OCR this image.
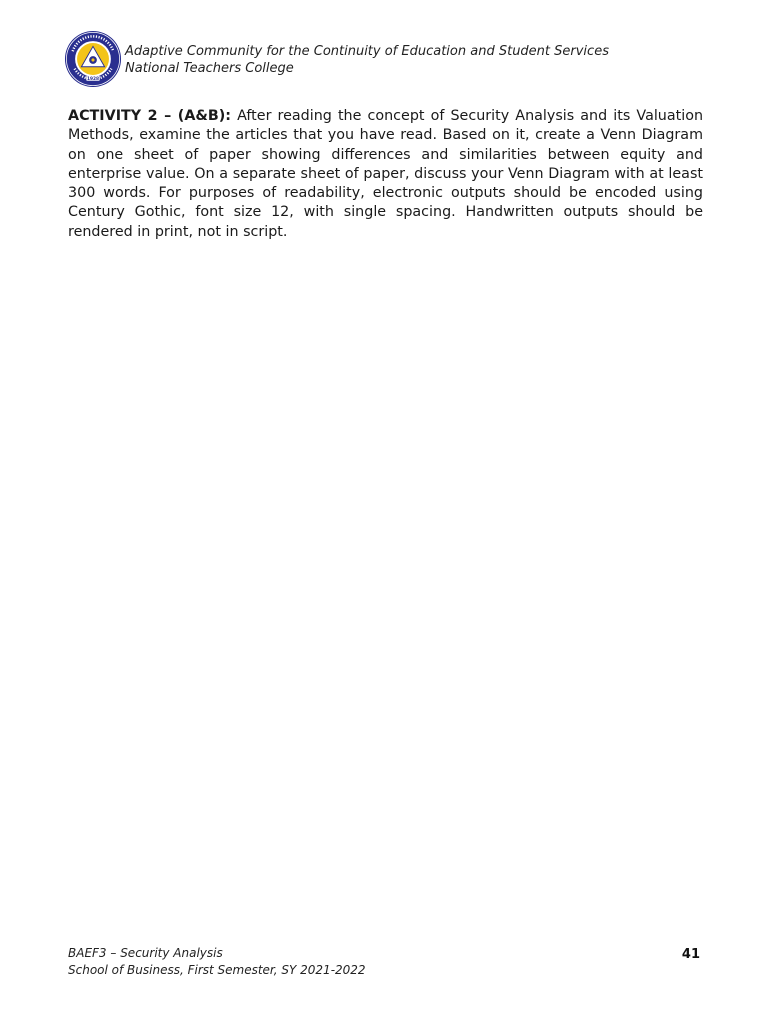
1928
Adaptive Community for the Continuity of Education and Student Services
National Teachers College

ACTIVITY 2 – (A&B): After reading the concept of Security Analysis and its Valuation Methods, examine the articles that you have read. Based on it, create a Venn Diagram on one sheet of paper showing differences and similarities between equity and enterprise value. On a separate sheet of paper, discuss your Venn Diagram with at least 300 words. For purposes of readability, electronic outputs should be encoded using Century Gothic, font size 12, with single spacing. Handwritten outputs should be rendered in print, not in script.

BAEF3 – Security Analysis
School of Business, First Semester, SY 2021-2022
41
